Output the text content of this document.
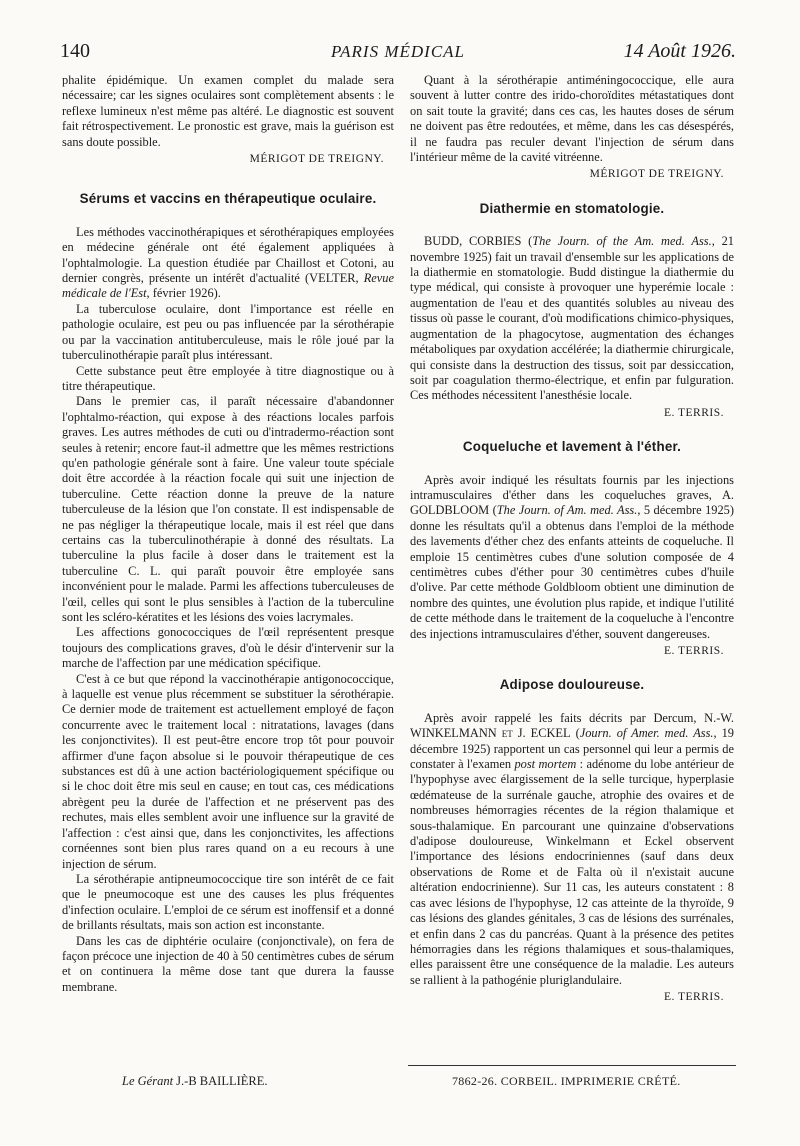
140	PARIS MÉDICAL	14 Août 1926.

phalite épidémique. Un examen complet du malade sera nécessaire; car les signes oculaires sont complètement absents : le reflexe lumineux n'est même pas altéré. Le diagnostic est souvent fait rétrospectivement. Le pronostic est grave, mais la guérison est sans doute possible.

MÉRIGOT DE TREIGNY.
Sérums et vaccins en thérapeutique oculaire.

Les méthodes vaccinothérapiques et sérothérapiques employées en médecine générale ont été également appliquées à l'ophtalmologie. La question étudiée par Chaillost et Cotoni, au dernier congrès, présente un intérêt d'actualité (VELTER, Revue médicale de l'Est, février 1926).

La tuberculose oculaire, dont l'importance est réelle en pathologie oculaire, est peu ou pas influencée par la sérothérapie ou par la vaccination antituberculeuse, mais le rôle joué par la tuberculinothérapie paraît plus intéressant.

Cette substance peut être employée à titre diagnostique ou à titre thérapeutique.

Dans le premier cas, il paraît nécessaire d'abandonner l'ophtalmo-réaction, qui expose à des réactions locales parfois graves. Les autres méthodes de cuti ou d'intradermo-réaction sont seules à retenir; encore faut-il admettre que les mêmes restrictions qu'en pathologie générale sont à faire. Une valeur toute spéciale doit être accordée à la réaction focale qui suit une injection de tuberculine. Cette réaction donne la preuve de la nature tuberculeuse de la lésion que l'on constate. Il est indispensable de ne pas négliger la thérapeutique locale, mais il est réel que dans certains cas la tuberculinothérapie à donné des résultats. La tuberculine la plus facile à doser dans le traitement est la tuberculine C. L. qui paraît pouvoir être employée sans inconvénient pour le malade. Parmi les affections tuberculeuses de l'œil, celles qui sont le plus sensibles à l'action de la tuberculine sont les scléro-kératites et les lésions des voies lacrymales.

Les affections gonococciques de l'œil représentent presque toujours des complications graves, d'où le désir d'intervenir sur la marche de l'affection par une médication spécifique.

C'est à ce but que répond la vaccinothérapie antigonococcique, à laquelle est venue plus récemment se substituer la sérothérapie. Ce dernier mode de traitement est actuellement employé de façon concurrente avec le traitement local : nitratations, lavages (dans les conjonctivites). Il est peut-être encore trop tôt pour pouvoir affirmer d'une façon absolue si le pouvoir thérapeutique de ces substances est dû à une action bactériologiquement spécifique ou si le choc doit être mis seul en cause; en tout cas, ces médications abrègent peu la durée de l'affection et ne préservent pas des rechutes, mais elles semblent avoir une influence sur la gravité de l'affection : c'est ainsi que, dans les conjonctivites, les affections cornéennes sont bien plus rares quand on a eu recours à une injection de sérum.

La sérothérapie antipneumococcique tire son intérêt de ce fait que le pneumocoque est une des causes les plus fréquentes d'infection oculaire. L'emploi de ce sérum est inoffensif et a donné de brillants résultats, mais son action est inconstante.

Dans les cas de diphtérie oculaire (conjonctivale), on fera de façon précoce une injection de 40 à 50 centimètres cubes de sérum et on continuera la même dose tant que durera la fausse membrane.

Quant à la sérothérapie antiméningococcique, elle aura souvent à lutter contre des irido-choroïdites métastatiques dont on sait toute la gravité; dans ces cas, les hautes doses de sérum ne doivent pas être redoutées, et même, dans les cas désespérés, il ne faudra pas reculer devant l'injection de sérum dans l'intérieur même de la cavité vitréenne.

MÉRIGOT DE TREIGNY.
Diathermie en stomatologie.

BUDD, CORBIES (The Journ. of the Am. med. Ass., 21 novembre 1925) fait un travail d'ensemble sur les applications de la diathermie en stomatologie. Budd distingue la diathermie du type médical, qui consiste à provoquer une hyperémie locale : augmentation de l'eau et des quantités solubles au niveau des tissus où passe le courant, d'où modifications chimico-physiques, augmentation de la phagocytose, augmentation des échanges métaboliques par oxydation accélérée; la diathermie chirurgicale, qui consiste dans la destruction des tissus, soit par dessiccation, soit par coagulation thermo-électrique, et enfin par fulguration. Ces méthodes nécessitent l'anesthésie locale.

E. TERRIS.
Coqueluche et lavement à l'éther.

Après avoir indiqué les résultats fournis par les injections intramusculaires d'éther dans les coqueluches graves, A. GOLDBLOOM (The Journ. of Am. med. Ass., 5 décembre 1925) donne les résultats qu'il a obtenus dans l'emploi de la méthode des lavements d'éther chez des enfants atteints de coqueluche. Il emploie 15 centimètres cubes d'une solution composée de 4 centimètres cubes d'éther pour 30 centimètres cubes d'huile d'olive. Par cette méthode Goldbloom obtient une diminution de nombre des quintes, une évolution plus rapide, et indique l'utilité de cette méthode dans le traitement de la coqueluche à l'encontre des injections intramusculaires d'éther, souvent dangereuses.

E. TERRIS.
Adipose douloureuse.

Après avoir rappelé les faits décrits par Dercum, N.-W. WINKELMANN et J. ECKEL (Journ. of Amer. med. Ass., 19 décembre 1925) rapportent un cas personnel qui leur a permis de constater à l'examen post mortem : adénome du lobe antérieur de l'hypophyse avec élargissement de la selle turcique, hyperplasie œdémateuse de la surrénale gauche, atrophie des ovaires et de nombreuses hémorragies récentes de la région thalamique et sous-thalamique. En parcourant une quinzaine d'observations d'adipose douloureuse, Winkelmann et Eckel observent l'importance des lésions endocriniennes (sauf dans deux observations de Rome et de Falta où il n'existait aucune altération endocrinienne). Sur 11 cas, les auteurs constatent : 8 cas avec lésions de l'hypophyse, 12 cas atteinte de la thyroïde, 9 cas lésions des glandes génitales, 3 cas de lésions des surrénales, et enfin dans 2 cas du pancréas. Quant à la présence des petites hémorragies dans les régions thalamiques et sous-thalamiques, elles paraissent être une conséquence de la maladie. Les auteurs se rallient à la pathogénie pluriglandulaire.

E. TERRIS.
Le Gérant J.-B BAILLIÈRE.	7862-26. CORBEIL. IMPRIMERIE CRÉTÉ.
